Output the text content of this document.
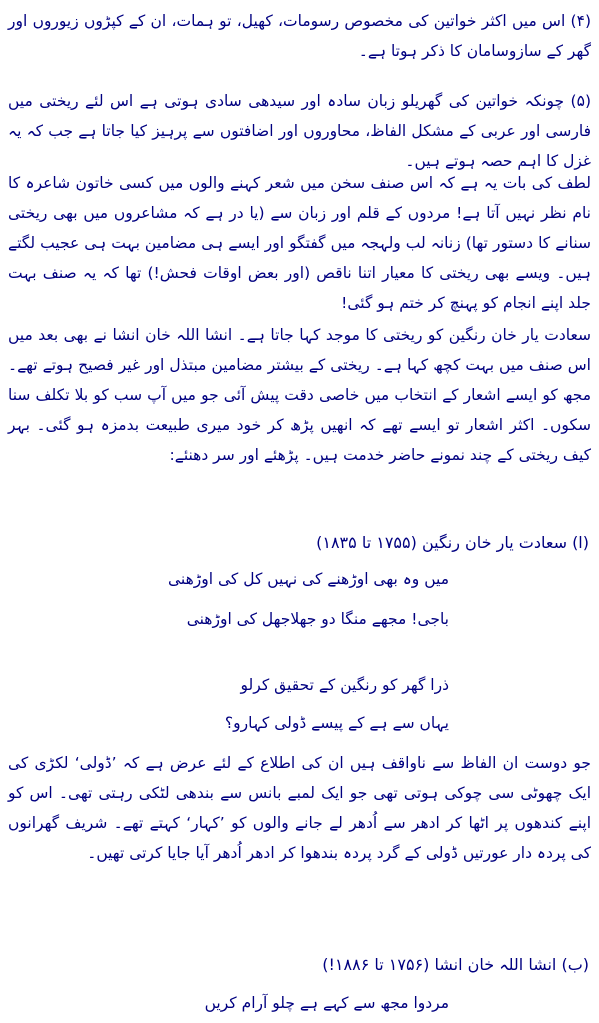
(۴) اس میں اکثر خواتین کی مخصوص رسومات، کھیل، تو ہمات، ان کے کپڑوں زیوروں اور گھر کے سازوسامان کا ذکر ہوتا ہے۔

(۵) چونکہ خواتین کی گھریلو زبان سادہ اور سیدھی سادی ہوتی ہے اس لئے ریختی میں فارسی اور عربی کے مشکل الفاظ، محاوروں اور اضافتوں سے پرہیز کیا جاتا ہے جب کہ یہ غزل کا اہم حصہ ہوتے ہیں۔

لطف کی بات یہ ہے کہ اس صنف سخن میں شعر کہنے والوں میں کسی خاتون شاعرہ کا نام نظر نہیں آتا ہے! مردوں کے قلم اور زبان سے (یا در ہے کہ مشاعروں میں بھی ریختی سنانے کا دستور تھا) زنانہ لب ولہجہ میں گفتگو اور ایسے ہی مضامین بہت ہی عجیب لگتے ہیں۔ ویسے بھی ریختی کا معیار اتنا ناقص (اور بعض اوقات فحش!) تھا کہ یہ صنف بہت جلد اپنے انجام کو پہنچ کر ختم ہو گئی!

سعادت یار خان رنگین کو ریختی کا موجد کہا جاتا ہے۔ انشا اللہ خان انشا نے بھی بعد میں اس صنف میں بہت کچھ کہا ہے۔ ریختی کے بیشتر مضامین مبتذل اور غیر فصیح ہوتے تھے۔ مجھ کو ایسے اشعار کے انتخاب میں خاصی دقت پیش آئی جو میں آپ سب کو بلا تکلف سنا سکوں۔ اکثر اشعار تو ایسے تھے کہ انھیں پڑھ کر خود میری طبیعت بدمزہ ہو گئی۔ بہر کیف ریختی کے چند نمونے حاضر خدمت ہیں۔ پڑھئے اور سر دھنئے:

(ا) سعادت یار خان رنگین (۱۷۵۵ تا ۱۸۳۵)

میں وہ بھی اوڑھنے کی نہیں کل کی اوڑھنی

باجی! مجھے منگا دو جھلاجھل کی اوڑھنی

ذرا گھر کو رنگین کے تحقیق کرلو

یہاں سے ہے کے پیسے ڈولی کہارو؟

جو دوست ان الفاظ سے ناواقف ہیں ان کی اطلاع کے لئے عرض ہے کہ ’ڈولی‘ لکڑی کی ایک چھوٹی سی چوکی ہوتی تھی جو ایک لمبے بانس سے بندھی لٹکی رہتی تھی۔ اس کو اپنے کندھوں پر اٹھا کر ادھر سے اُدھر لے جانے والوں کو ’کہار‘ کہتے تھے۔ شریف گھرانوں کی پردہ دار عورتیں ڈولی کے گرد پردہ بندھوا کر ادھر اُدھر آیا جایا کرتی تھیں۔

(ب) انشا اللہ خان انشا (۱۷۵۶ تا ۱۸۸۶!)

مردوا مجھ سے کہے ہے چلو آرام کریں
